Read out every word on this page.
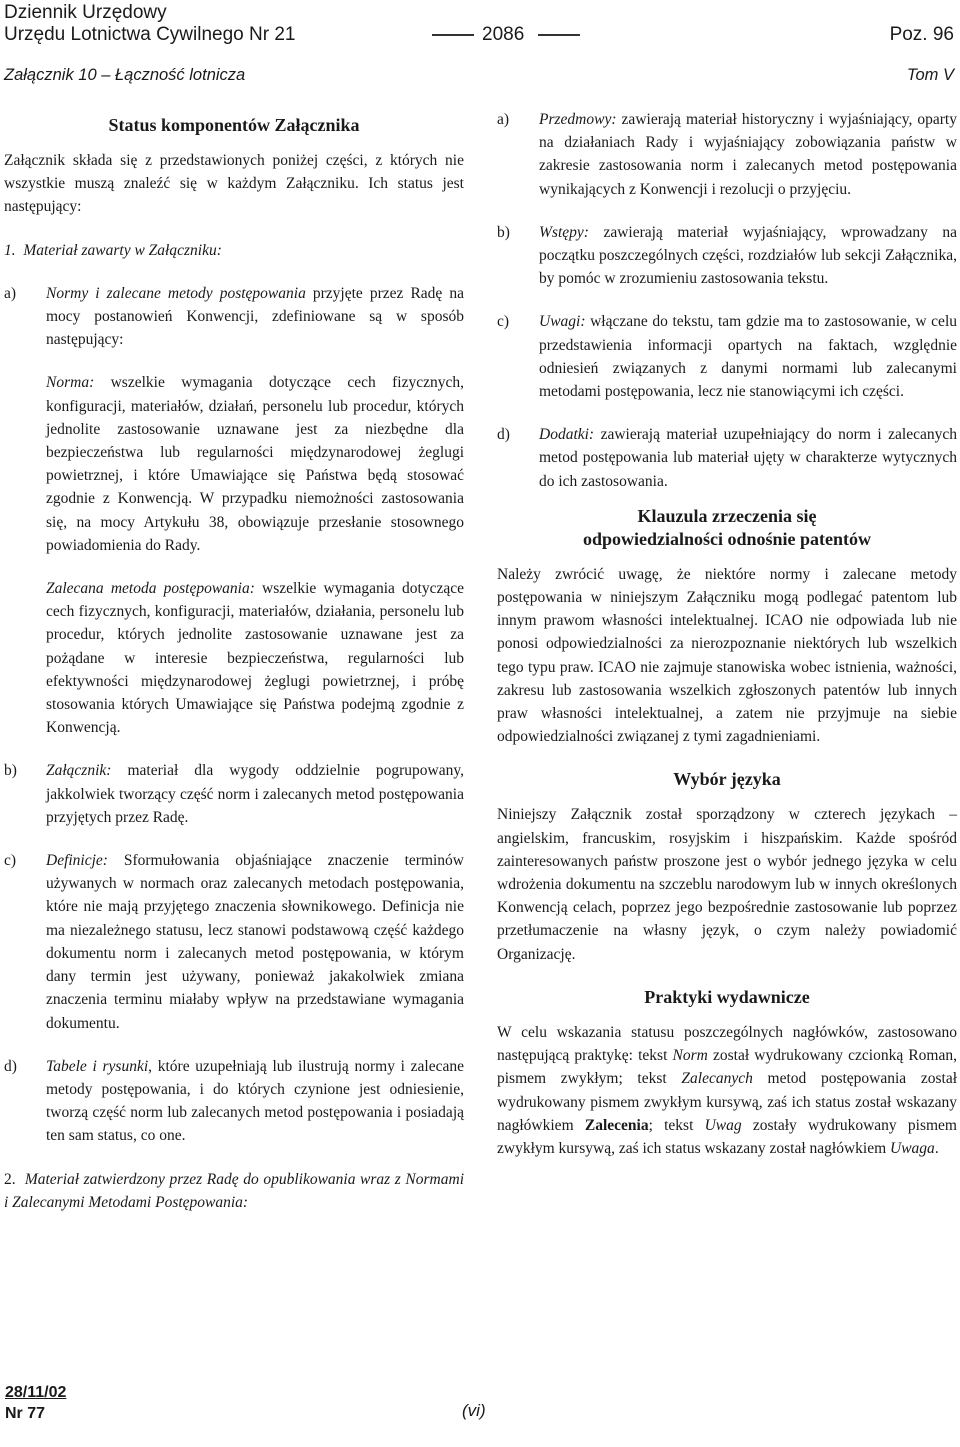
Dziennik Urzędowy
Urzędu Lotnictwa Cywilnego Nr 21	2086	Poz. 96
Załącznik 10 – Łączność lotnicza	Tom V

Status komponentów Załącznika

Załącznik składa się z przedstawionych poniżej części, z których nie wszystkie muszą znaleźć się w każdym Załączniku. Ich status jest następujący:

1. Materiał zawarty w Załączniku:

a) Normy i zalecane metody postępowania przyjęte przez Radę na mocy postanowień Konwencji, zdefiniowane są w sposób następujący:

Norma: wszelkie wymagania dotyczące cech fizycznych, konfiguracji, materiałów, działań, personelu lub procedur, których jednolite zastosowanie uznawane jest za niezbędne dla bezpieczeństwa lub regularności międzynarodowej żeglugi powietrznej, i które Umawiające się Państwa będą stosować zgodnie z Konwencją. W przypadku niemożności zastosowania się, na mocy Artykułu 38, obowiązuje przesłanie stosownego powiadomienia do Rady.

Zalecana metoda postępowania: wszelkie wymagania dotyczące cech fizycznych, konfiguracji, materiałów, działania, personelu lub procedur, których jednolite zastosowanie uznawane jest za pożądane w interesie bezpieczeństwa, regularności lub efektywności międzynarodowej żeglugi powietrznej, i próbę stosowania których Umawiające się Państwa podejmą zgodnie z Konwencją.

b) Załącznik: materiał dla wygody oddzielnie pogrupowany, jakkolwiek tworzący część norm i zalecanych metod postępowania przyjętych przez Radę.

c) Definicje: Sformułowania objaśniające znaczenie terminów używanych w normach oraz zalecanych metodach postępowania, które nie mają przyjętego znaczenia słownikowego. Definicja nie ma niezależnego statusu, lecz stanowi podstawową część każdego dokumentu norm i zalecanych metod postępowania, w którym dany termin jest używany, ponieważ jakakolwiek zmiana znaczenia terminu miałaby wpływ na przedstawiane wymagania dokumentu.

d) Tabele i rysunki, które uzupełniają lub ilustrują normy i zalecane metody postępowania, i do których czynione jest odniesienie, tworzą część norm lub zalecanych metod postępowania i posiadają ten sam status, co one.

2. Materiał zatwierdzony przez Radę do opublikowania wraz z Normami i Zalecanymi Metodami Postępowania:

a) Przedmowy: zawierają materiał historyczny i wyjaśniający, oparty na działaniach Rady i wyjaśniający zobowiązania państw w zakresie zastosowania norm i zalecanych metod postępowania wynikających z Konwencji i rezolucji o przyjęciu.

b) Wstępy: zawierają materiał wyjaśniający, wprowadzany na początku poszczególnych części, rozdziałów lub sekcji Załącznika, by pomóc w zrozumieniu zastosowania tekstu.

c) Uwagi: włączane do tekstu, tam gdzie ma to zastosowanie, w celu przedstawienia informacji opartych na faktach, względnie odniesień związanych z danymi normami lub zalecanymi metodami postępowania, lecz nie stanowiącymi ich części.

d) Dodatki: zawierają materiał uzupełniający do norm i zalecanych metod postępowania lub materiał ujęty w charakterze wytycznych do ich zastosowania.

Klauzula zrzeczenia się odpowiedzialności odnośnie patentów

Należy zwrócić uwagę, że niektóre normy i zalecane metody postępowania w niniejszym Załączniku mogą podlegać patentom lub innym prawom własności intelektualnej. ICAO nie odpowiada lub nie ponosi odpowiedzialności za nierozpoznanie niektórych lub wszelkich tego typu praw. ICAO nie zajmuje stanowiska wobec istnienia, ważności, zakresu lub zastosowania wszelkich zgłoszonych patentów lub innych praw własności intelektualnej, a zatem nie przyjmuje na siebie odpowiedzialności związanej z tymi zagadnieniami.

Wybór języka

Niniejszy Załącznik został sporządzony w czterech językach – angielskim, francuskim, rosyjskim i hiszpańskim. Każde spośród zainteresowanych państw proszone jest o wybór jednego języka w celu wdrożenia dokumentu na szczeblu narodowym lub w innych określonych Konwencją celach, poprzez jego bezpośrednie zastosowanie lub poprzez przetłumaczenie na własny język, o czym należy powiadomić Organizację.

Praktyki wydawnicze

W celu wskazania statusu poszczególnych nagłówków, zastosowano następującą praktykę: tekst Norm został wydrukowany czcionką Roman, pismem zwykłym; tekst Zalecanych metod postępowania został wydrukowany pismem zwykłym kursywą, zaś ich status został wskazany nagłówkiem Zalecenia; tekst Uwag zostały wydrukowany pismem zwykłym kursywą, zaś ich status wskazany został nagłówkiem Uwaga.

28/11/02
Nr 77	(vi)
